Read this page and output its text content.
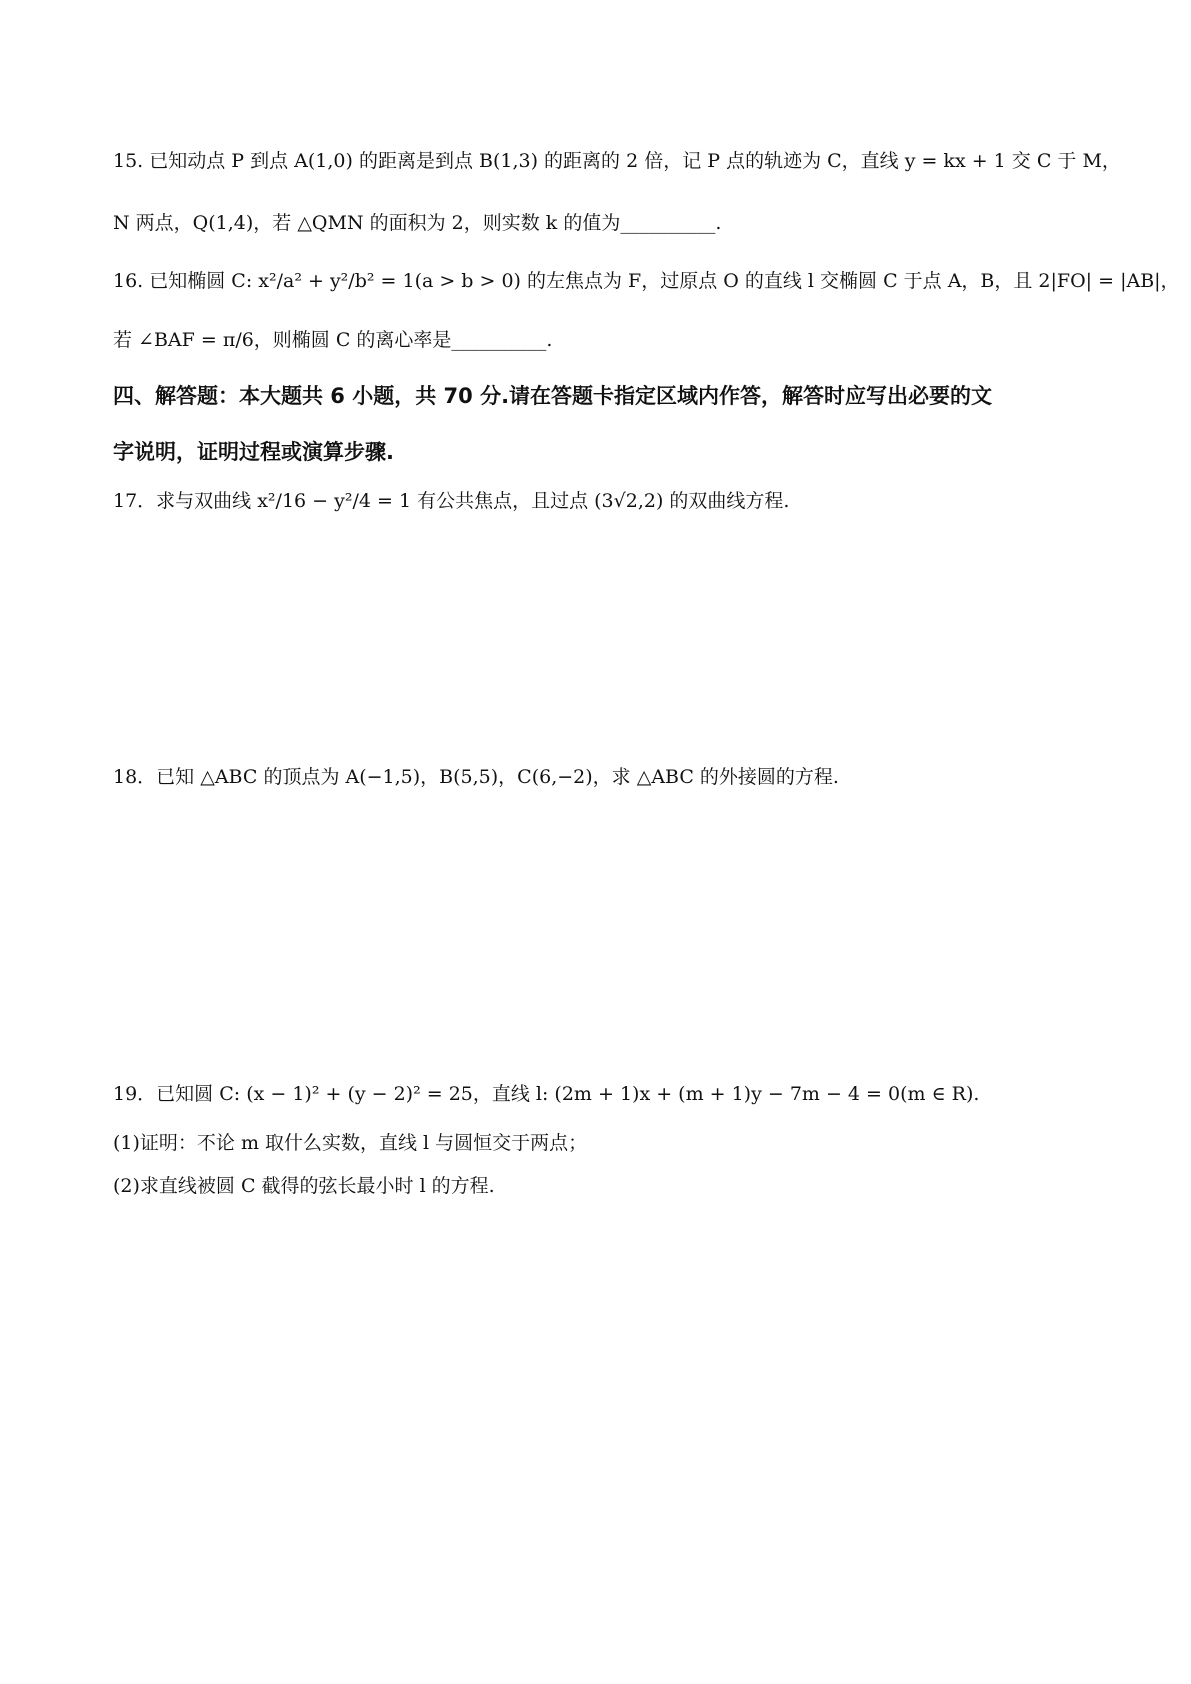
15. 已知动点 P 到点 A(1,0) 的距离是到点 B(1,3) 的距离的 2 倍，记 P 点的轨迹为 C，直线 y = kx + 1 交 C 于 M，
N 两点，Q(1,4)，若 △QMN 的面积为 2，则实数 k 的值为__________.
16. 已知椭圆 C: x²/a² + y²/b² = 1(a > b > 0) 的左焦点为 F，过原点 O 的直线 l 交椭圆 C 于点 A，B，且 2|FO| = |AB|，
若 ∠BAF = π/6，则椭圆 C 的离心率是__________.
四、解答题：本大题共 6 小题，共 70 分.请在答题卡指定区域内作答，解答时应写出必要的文
字说明，证明过程或演算步骤.
17．求与双曲线 x²/16 − y²/4 = 1 有公共焦点，且过点 (3√2,2) 的双曲线方程.
18．已知 △ABC 的顶点为 A(−1,5)，B(5,5)，C(6,−2)，求 △ABC 的外接圆的方程.
19．已知圆 C: (x − 1)² + (y − 2)² = 25，直线 l: (2m + 1)x + (m + 1)y − 7m − 4 = 0(m ∈ R).
(1)证明：不论 m 取什么实数，直线 l 与圆恒交于两点；
(2)求直线被圆 C 截得的弦长最小时 l 的方程.
